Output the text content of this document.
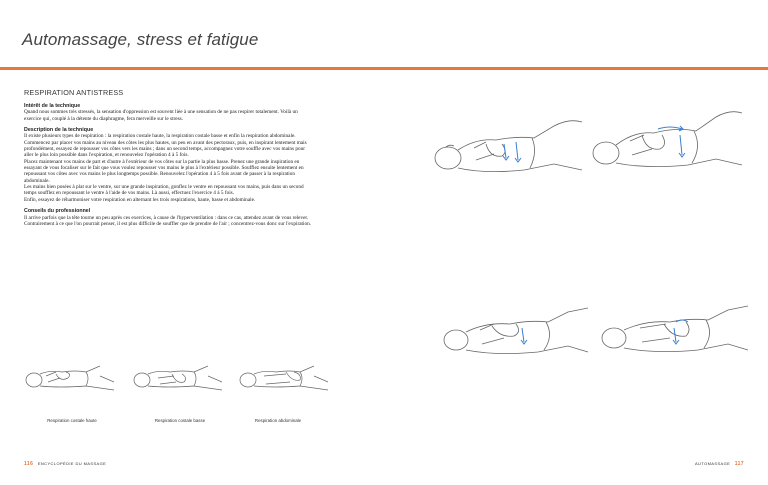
Automassage, stress et fatigue
RESPIRATION ANTISTRESS
Intérêt de la technique

Quand nous sommes très stressés, la sensation d'oppression est souvent liée à une sensation de ne pas respirer totalement. Voilà un exercice qui, couplé à la détente du diaphragme, fera merveille sur le stress.

Description de la technique

Il existe plusieurs types de respiration : la respiration costale haute, la respiration costale basse et enfin la respiration abdominale.

Commencez par placer vos mains au niveau des côtes les plus hautes, un peu en avant des pectoraux, puis, en inspirant lentement mais profondément, essayez de repousser vos côtes vers les mains ; dans un second temps, accompagnez votre souffle avec vos mains pour aller le plus loin possible dans l'expiration, et renouvelez l'opération 4 à 5 fois.

Placez maintenant vos mains de part et d'autre à l'extérieur de vos côtes sur la partie la plus basse. Prenez une grande inspiration en essayant de vous focaliser sur le fait que vous voulez repousser vos mains le plus à l'extérieur possible. Soufflez ensuite lentement en repoussant vos côtes avec vos mains le plus longtemps possible. Renouvelez l'opération 4 à 5 fois avant de passer à la respiration abdominale.

Les mains bien posées à plat sur le ventre, sur une grande inspiration, gonflez le ventre en repoussant vos mains, puis dans un second temps soufflez en repoussant le ventre à l'aide de vos mains. Là aussi, effectuez l'exercice 4 à 5 fois.

Enfin, essayez de réharmoniser votre respiration en alternant les trois respirations, haute, basse et abdominale.

Conseils du professionnel

Il arrive parfois que la tête tourne un peu après ces exercices, à cause de l'hyperventilation : dans ce cas, attendez avant de vous relever.

Contrairement à ce que l'on pourrait penser, il est plus difficile de souffler que de prendre de l'air ; concentrez-vous donc sur l'expiration.

Respiration costale haute	Respiration costale basse	Respiration abdominale
116 ENCYCLOPÉDIE DU MASSAGE	AUTOMASSAGE 117
